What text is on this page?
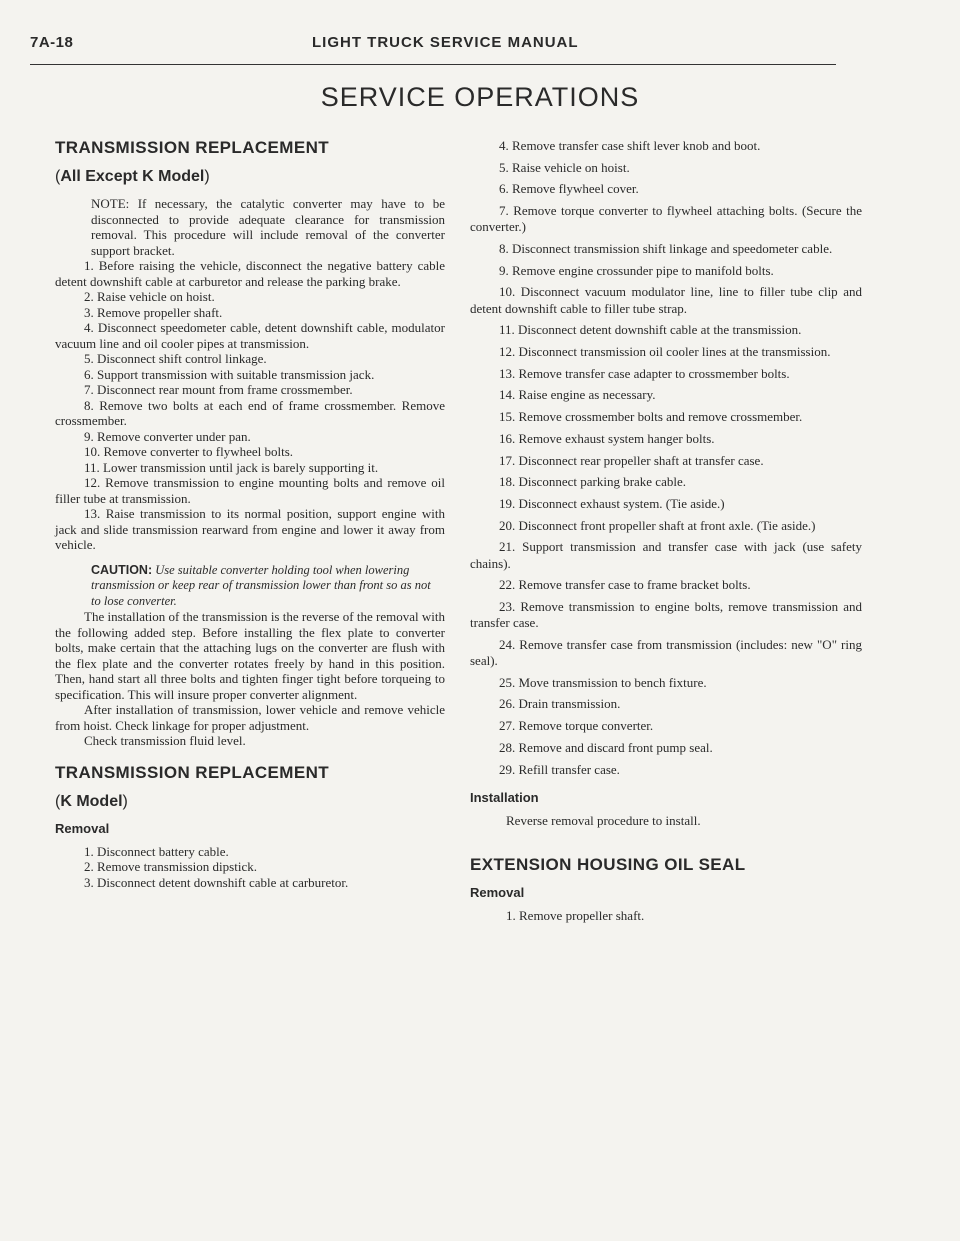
7A-18	LIGHT TRUCK SERVICE MANUAL
SERVICE OPERATIONS
TRANSMISSION REPLACEMENT
(All Except K Model)

NOTE: If necessary, the catalytic converter may have to be disconnected to provide adequate clearance for transmission removal. This procedure will include removal of the converter support bracket.

1. Before raising the vehicle, disconnect the negative battery cable detent downshift cable at carburetor and release the parking brake.

2. Raise vehicle on hoist.

3. Remove propeller shaft.

4. Disconnect speedometer cable, detent downshift cable, modulator vacuum line and oil cooler pipes at transmission.

5. Disconnect shift control linkage.

6. Support transmission with suitable transmission jack.

7. Disconnect rear mount from frame crossmember.

8. Remove two bolts at each end of frame crossmember. Remove crossmember.

9. Remove converter under pan.

10. Remove converter to flywheel bolts.

11. Lower transmission until jack is barely supporting it.

12. Remove transmission to engine mounting bolts and remove oil filler tube at transmission.

13. Raise transmission to its normal position, support engine with jack and slide transmission rearward from engine and lower it away from vehicle.

CAUTION: Use suitable converter holding tool when lowering transmission or keep rear of transmission lower than front so as not to lose converter.

The installation of the transmission is the reverse of the removal with the following added step. Before installing the flex plate to converter bolts, make certain that the attaching lugs on the converter are flush with the flex plate and the converter rotates freely by hand in this position. Then, hand start all three bolts and tighten finger tight before torqueing to specification. This will insure proper converter alignment.

After installation of transmission, lower vehicle and remove vehicle from hoist. Check linkage for proper adjustment.

Check transmission fluid level.

TRANSMISSION REPLACEMENT
(K Model)
Removal

1. Disconnect battery cable.

2. Remove transmission dipstick.

3. Disconnect detent downshift cable at carburetor.

4. Remove transfer case shift lever knob and boot.

5. Raise vehicle on hoist.

6. Remove flywheel cover.

7. Remove torque converter to flywheel attaching bolts. (Secure the converter.)

8. Disconnect transmission shift linkage and speedometer cable.

9. Remove engine crossunder pipe to manifold bolts.

10. Disconnect vacuum modulator line, line to filler tube clip and detent downshift cable to filler tube strap.

11. Disconnect detent downshift cable at the transmission.

12. Disconnect transmission oil cooler lines at the transmission.

13. Remove transfer case adapter to crossmember bolts.

14. Raise engine as necessary.

15. Remove crossmember bolts and remove crossmember.

16. Remove exhaust system hanger bolts.

17. Disconnect rear propeller shaft at transfer case.

18. Disconnect parking brake cable.

19. Disconnect exhaust system. (Tie aside.)

20. Disconnect front propeller shaft at front axle. (Tie aside.)

21. Support transmission and transfer case with jack (use safety chains).

22. Remove transfer case to frame bracket bolts.

23. Remove transmission to engine bolts, remove transmission and transfer case.

24. Remove transfer case from transmission (includes: new "O" ring seal).

25. Move transmission to bench fixture.

26. Drain transmission.

27. Remove torque converter.

28. Remove and discard front pump seal.

29. Refill transfer case.

Installation

Reverse removal procedure to install.

EXTENSION HOUSING OIL SEAL
Removal

1. Remove propeller shaft.
